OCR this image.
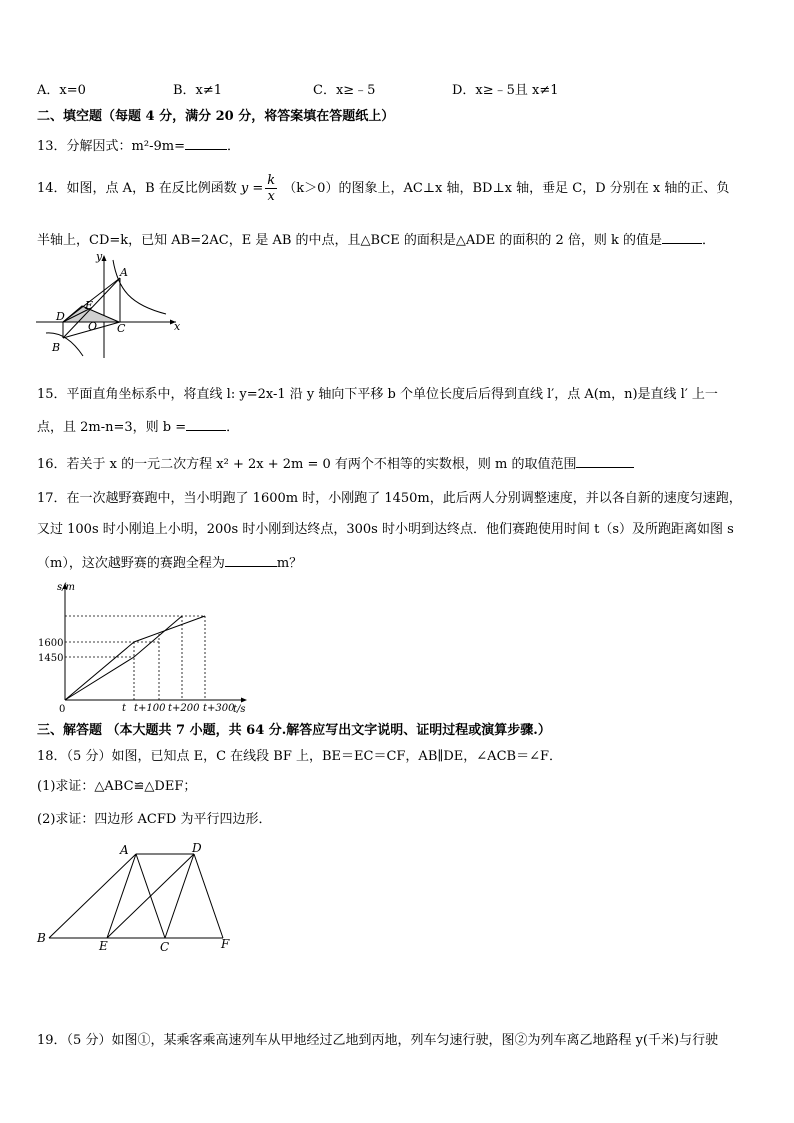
A．x=0	B．x≠1	C．x≥﹣5	D．x≥﹣5且 x≠1
二、填空题（每题 4 分，满分 20 分，将答案填在答题纸上）
13．分解因式：m²-9m=	．
14．如图，点 A，B 在反比例函数 $y = \frac{k}{x} (k>0)$的图象上，AC⊥x 轴，BD⊥x 轴，垂足 C，D 分别在 x 轴的正、负
半轴上，CD=k，已知 AB=2AC，E 是 AB 的中点，且△BCE 的面积是△ADE 的面积的 2 倍，则 k 的值是	．
y
x
A
E
D
O C
B
15．平面直角坐标系中，将直线 l: y=2x-1 沿 y 轴向下平移 b 个单位长度后后得到直线 l′，点 A(m，n)是直线 l′ 上一
点，且 2m-n=3，则 b =	．
16．若关于 x 的一元二次方程 x² + 2x + 2m = 0 有两个不相等的实数根，则 m 的取值范围
17．在一次越野赛跑中，当小明跑了 1600m 时，小刚跑了 1450m，此后两人分别调整速度，并以各自新的速度匀速跑，
又过 100s 时小刚追上小明，200s 时小刚到达终点，300s 时小明到达终点．他们赛跑使用时间 t（s）及所跑距离如图 s
（m），这次越野赛的赛跑全程为	m？
s/m
t/s
0
1600
1450
t t+100 t+200 t+300
三、解答题 （本大题共 7 小题，共 64 分.解答应写出文字说明、证明过程或演算步骤.）
18．（5 分）如图，已知点 E，C 在线段 BF 上，BE＝EC＝CF，AB∥DE，∠ACB＝∠F．
(1)求证：△ABC≌△DEF；
(2)求证：四边形 ACFD 为平行四边形．
A	D
B
E	C	F
19．（5 分）如图①，某乘客乘高速列车从甲地经过乙地到丙地，列车匀速行驶，图②为列车离乙地路程 y(千米)与行驶
